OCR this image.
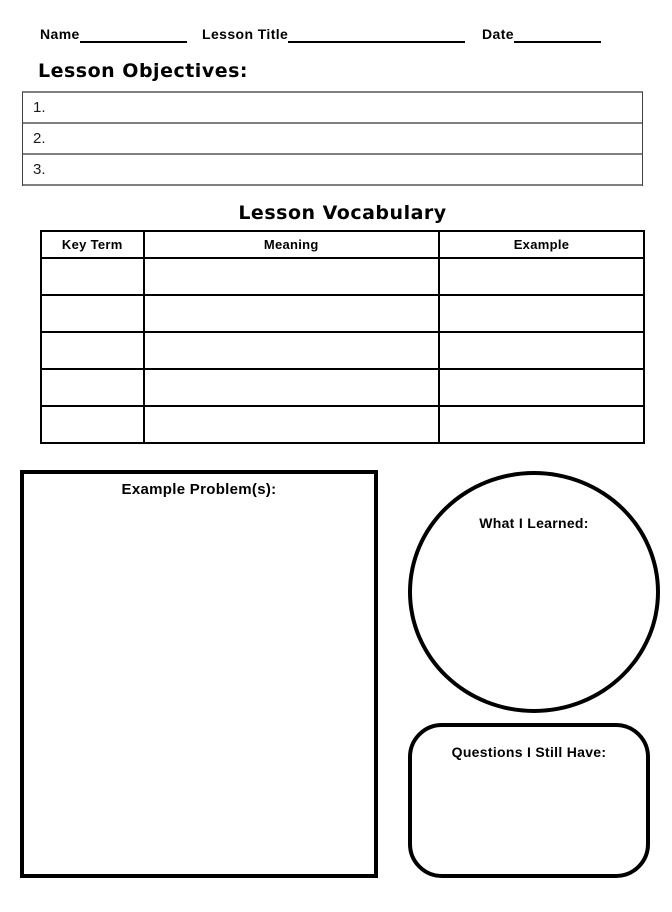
Name	Lesson Title	Date
Lesson Objectives:
1.
2.
3.
Lesson Vocabulary
Key Term	Meaning	Example

Example Problem(s):
What I Learned:
Questions I Still Have:
